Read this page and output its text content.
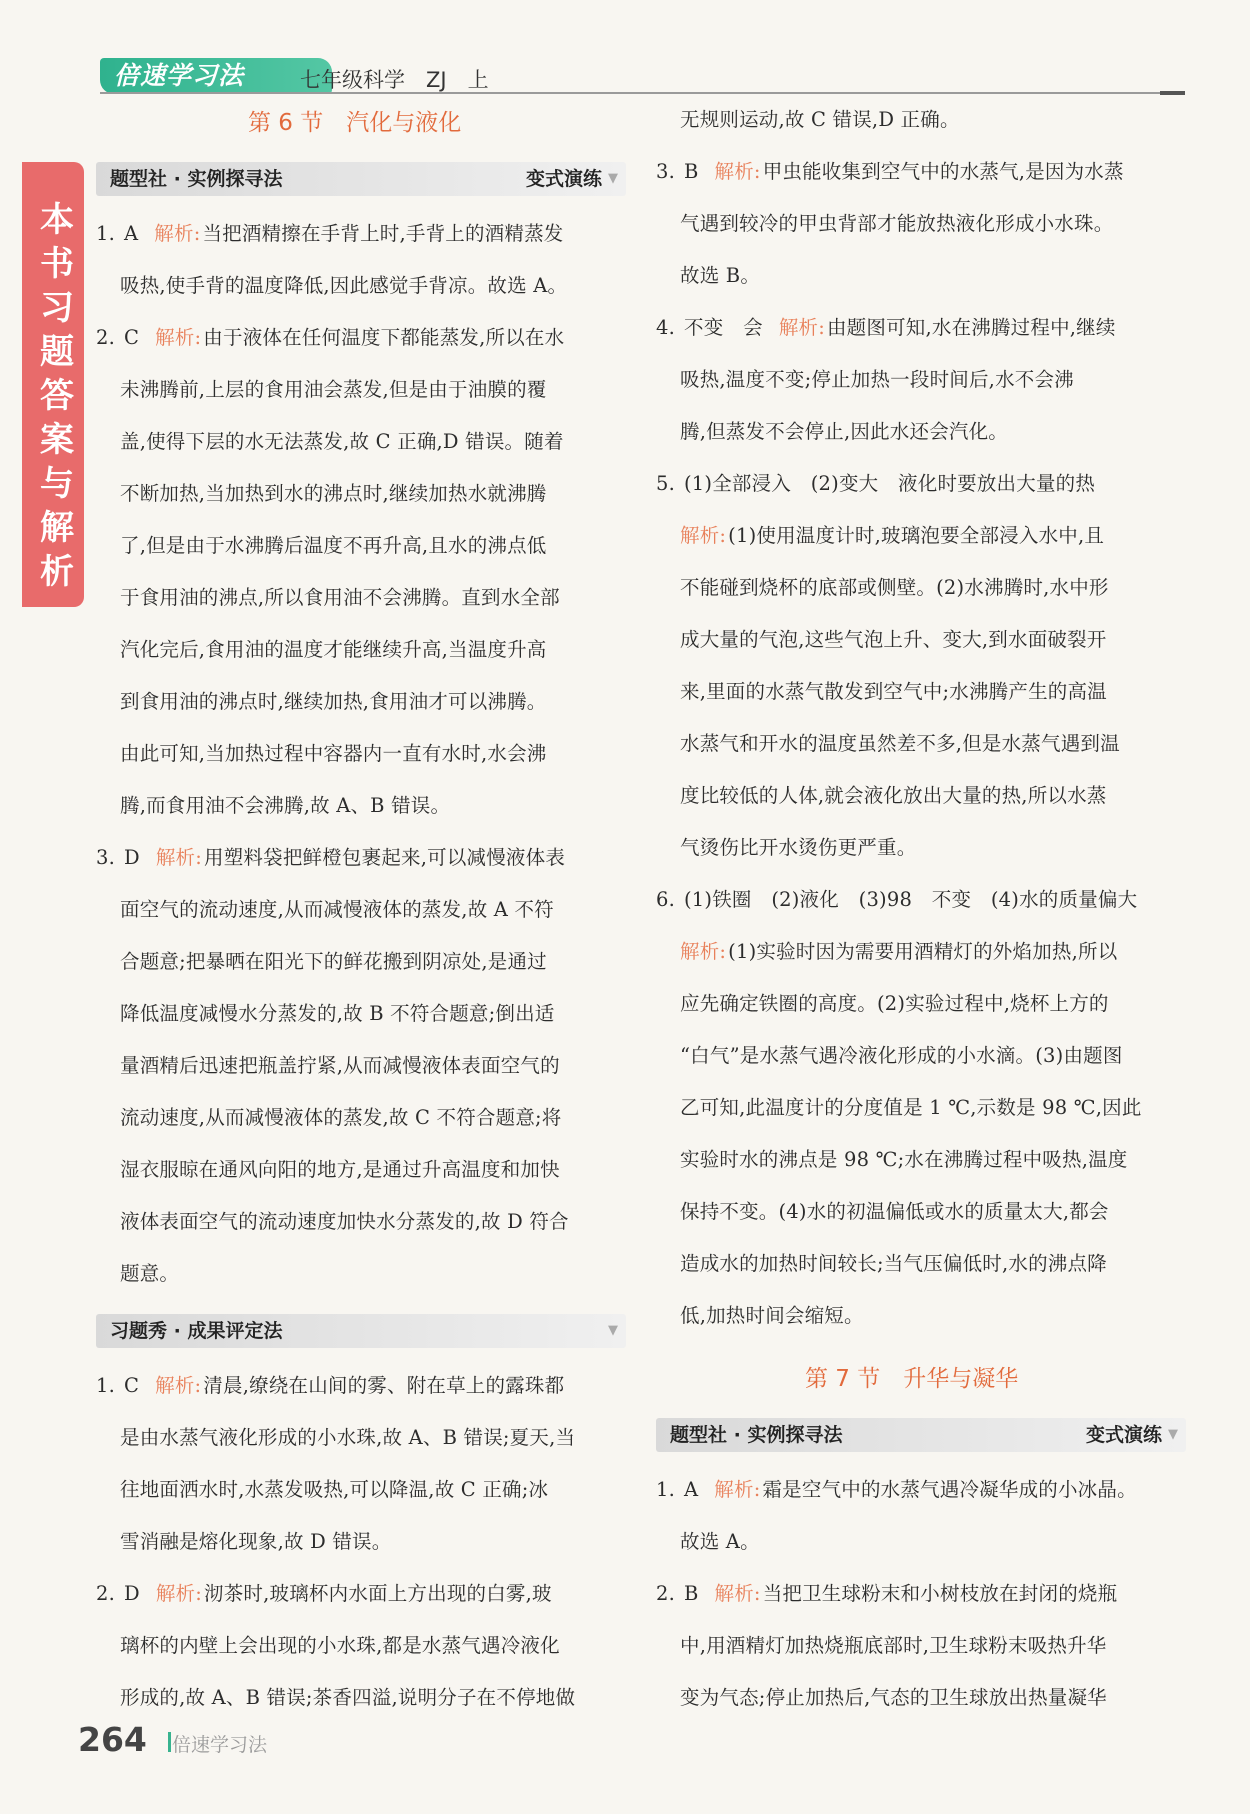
倍速学习法	七年级科学　ZJ　上
本书习题答案与解析
第 6 节　汽化与液化
题型社 · 实例探寻法	变式演练 ▼
1. A 解析: 当把酒精擦在手背上时,手背上的酒精蒸发
吸热,使手背的温度降低,因此感觉手背凉。故选 A。
2. C 解析: 由于液体在任何温度下都能蒸发,所以在水
未沸腾前,上层的食用油会蒸发,但是由于油膜的覆
盖,使得下层的水无法蒸发,故 C 正确,D 错误。随着
不断加热,当加热到水的沸点时,继续加热水就沸腾
了,但是由于水沸腾后温度不再升高,且水的沸点低
于食用油的沸点,所以食用油不会沸腾。直到水全部
汽化完后,食用油的温度才能继续升高,当温度升高
到食用油的沸点时,继续加热,食用油才可以沸腾。
由此可知,当加热过程中容器内一直有水时,水会沸
腾,而食用油不会沸腾,故 A、B 错误。
3. D 解析: 用塑料袋把鲜橙包裹起来,可以减慢液体表
面空气的流动速度,从而减慢液体的蒸发,故 A 不符
合题意;把暴晒在阳光下的鲜花搬到阴凉处,是通过
降低温度减慢水分蒸发的,故 B 不符合题意;倒出适
量酒精后迅速把瓶盖拧紧,从而减慢液体表面空气的
流动速度,从而减慢液体的蒸发,故 C 不符合题意;将
湿衣服晾在通风向阳的地方,是通过升高温度和加快
液体表面空气的流动速度加快水分蒸发的,故 D 符合
题意。
习题秀 · 成果评定法	▼
1. C 解析: 清晨,缭绕在山间的雾、附在草上的露珠都
是由水蒸气液化形成的小水珠,故 A、B 错误;夏天,当
往地面洒水时,水蒸发吸热,可以降温,故 C 正确;冰
雪消融是熔化现象,故 D 错误。
2. D 解析: 沏茶时,玻璃杯内水面上方出现的白雾,玻
璃杯的内壁上会出现的小水珠,都是水蒸气遇冷液化
形成的,故 A、B 错误;茶香四溢,说明分子在不停地做
无规则运动,故 C 错误,D 正确。
3. B 解析: 甲虫能收集到空气中的水蒸气,是因为水蒸
气遇到较冷的甲虫背部才能放热液化形成小水珠。
故选 B。
4. 不变　会 解析: 由题图可知,水在沸腾过程中,继续
吸热,温度不变;停止加热一段时间后,水不会沸
腾,但蒸发不会停止,因此水还会汽化。
5. (1)全部浸入　(2)变大　液化时要放出大量的热
解析: (1)使用温度计时,玻璃泡要全部浸入水中,且
不能碰到烧杯的底部或侧壁。(2)水沸腾时,水中形
成大量的气泡,这些气泡上升、变大,到水面破裂开
来,里面的水蒸气散发到空气中;水沸腾产生的高温
水蒸气和开水的温度虽然差不多,但是水蒸气遇到温
度比较低的人体,就会液化放出大量的热,所以水蒸
气烫伤比开水烫伤更严重。
6. (1)铁圈　(2)液化　(3)98　不变　(4)水的质量偏大
解析: (1)实验时因为需要用酒精灯的外焰加热,所以
应先确定铁圈的高度。(2)实验过程中,烧杯上方的
“白气”是水蒸气遇冷液化形成的小水滴。(3)由题图
乙可知,此温度计的分度值是 1 ℃,示数是 98 ℃,因此
实验时水的沸点是 98 ℃;水在沸腾过程中吸热,温度
保持不变。(4)水的初温偏低或水的质量太大,都会
造成水的加热时间较长;当气压偏低时,水的沸点降
低,加热时间会缩短。
第 7 节　升华与凝华
题型社 · 实例探寻法	变式演练 ▼
1. A 解析: 霜是空气中的水蒸气遇冷凝华成的小冰晶。
故选 A。
2. B 解析: 当把卫生球粉末和小树枝放在封闭的烧瓶
中,用酒精灯加热烧瓶底部时,卫生球粉末吸热升华
变为气态;停止加热后,气态的卫生球放出热量凝华
264 倍速学习法
